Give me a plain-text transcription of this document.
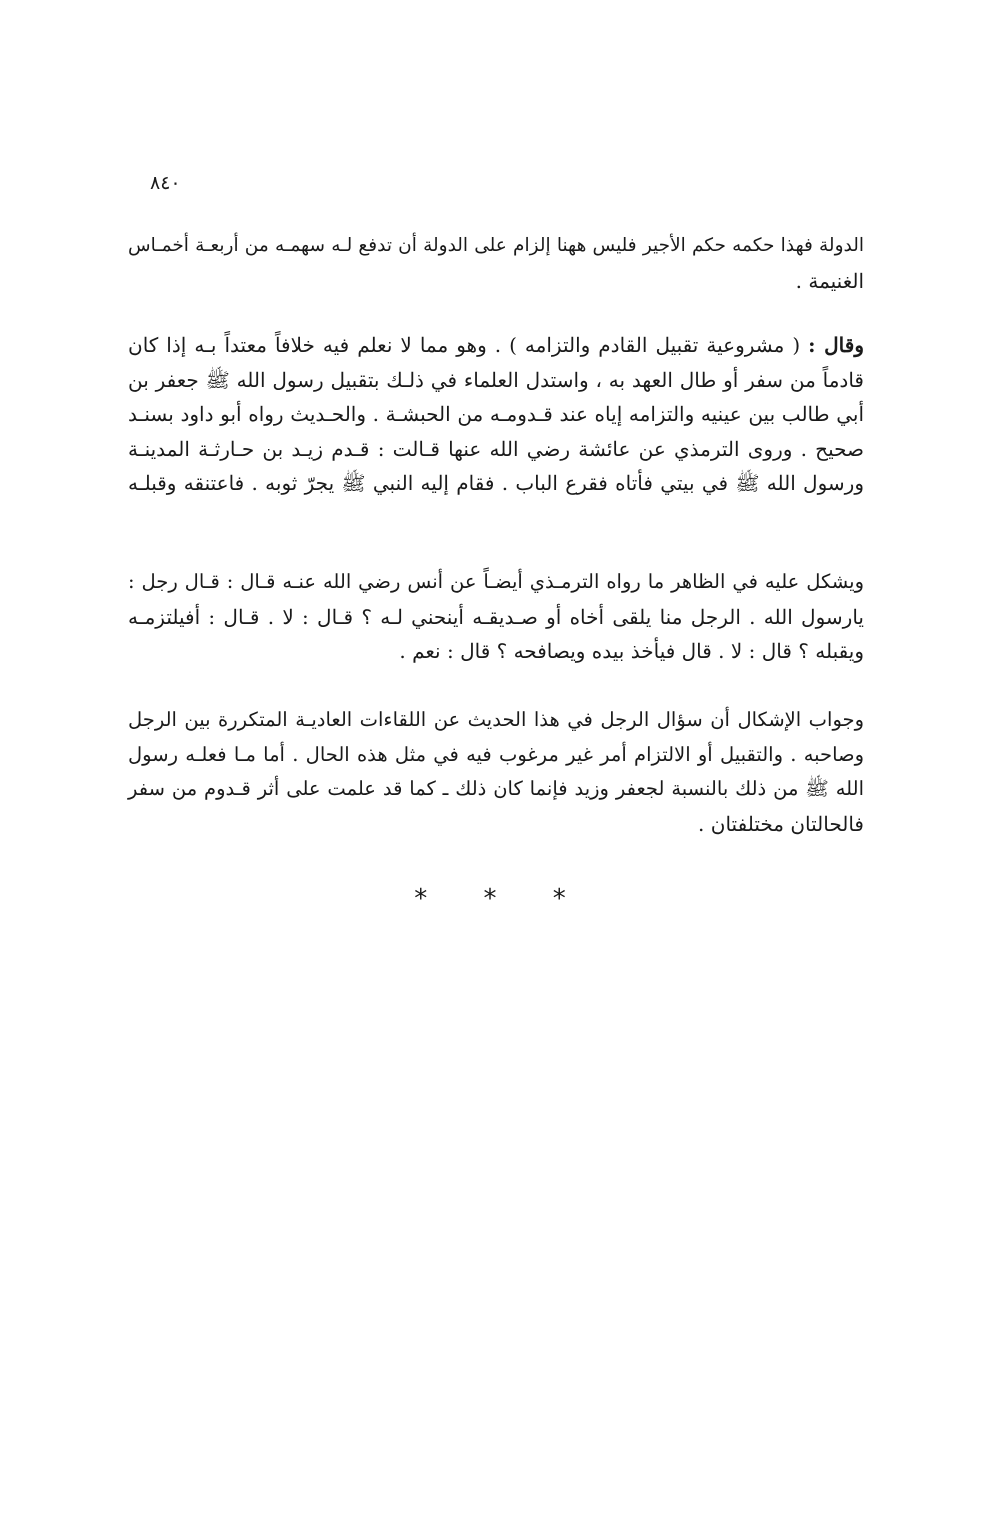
٨٤٠
الدولة فهذا حكمه حكم الأجير فليس ههنا إلزام على الدولة أن تدفع لـه سهمـه من أربعـة أخمـاس
الغنيمة .
وقال : ( مشروعية تقبيل القادم والتزامه ) . وهو مما لا نعلم فيه خلافاً معتداً بـه إذا كان
قادماً من سفر أو طال العهد به ، واستدل العلماء في ذلـك بتقبيل رسول الله ﷺ جعفر بن
أبي طالب بين عينيه والتزامه إياه عند قـدومـه من الحبشـة . والحـديث رواه أبو داود بسنـد
صحيح . وروى الترمذي عن عائشة رضي الله عنها قـالت : قـدم زيـد بن حـارثـة المدينـة
ورسول الله ﷺ في بيتي فأتاه فقرع الباب . فقام إليه النبي ﷺ يجرّ ثوبه . فاعتنقه وقبلـه
ويشكل عليه في الظاهر ما رواه الترمـذي أيضـاً عن أنس رضي الله عنـه قـال : قـال رجل :
يارسول الله . الرجل منا يلقى أخاه أو صـديقـه أينحني لـه ؟ قـال : لا . قـال : أفيلتزمـه
ويقبله ؟ قال : لا . قال فيأخذ بيده ويصافحه ؟ قال : نعم .
وجواب الإشكال أن سؤال الرجل في هذا الحديث عن اللقاءات العاديـة المتكررة بين الرجل
وصاحبه . والتقبيل أو الالتزام أمر غير مرغوب فيه في مثل هذه الحال . أما مـا فعلـه رسول
الله ﷺ من ذلك بالنسبة لجعفر وزيد فإنما كان ذلك ـ كما قد علمت على أثر قـدوم من سفر
فالحالتان مختلفتان .
* * *
